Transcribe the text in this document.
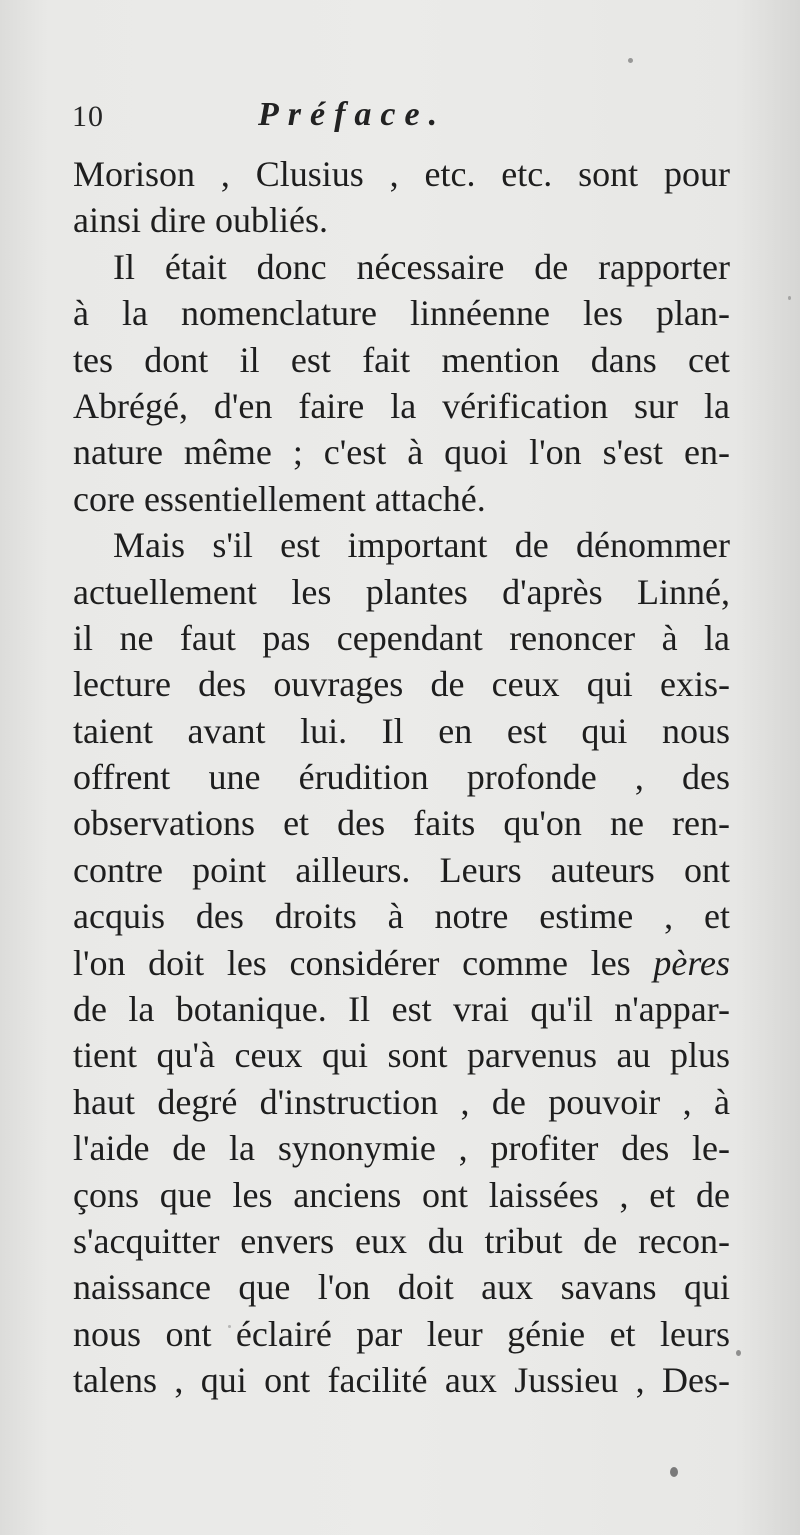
10	Préface.
Morison , Clusius , etc. etc. sont pour
ainsi dire oubliés.
Il était donc nécessaire de rapporter
à la nomenclature linnéenne les plan-
tes dont il est fait mention dans cet
Abrégé, d'en faire la vérification sur la
nature même ; c'est à quoi l'on s'est en-
core essentiellement attaché.
Mais s'il est important de dénommer
actuellement les plantes d'après Linné,
il ne faut pas cependant renoncer à la
lecture des ouvrages de ceux qui exis-
taient avant lui. Il en est qui nous
offrent une érudition profonde , des
observations et des faits qu'on ne ren-
contre point ailleurs. Leurs auteurs ont
acquis des droits à notre estime , et
l'on doit les considérer comme les pères
de la botanique. Il est vrai qu'il n'appar-
tient qu'à ceux qui sont parvenus au plus
haut degré d'instruction , de pouvoir , à
l'aide de la synonymie , profiter des le-
çons que les anciens ont laissées , et de
s'acquitter envers eux du tribut de recon-
naissance que l'on doit aux savans qui
nous ont éclairé par leur génie et leurs
talens , qui ont facilité aux Jussieu , Des-
